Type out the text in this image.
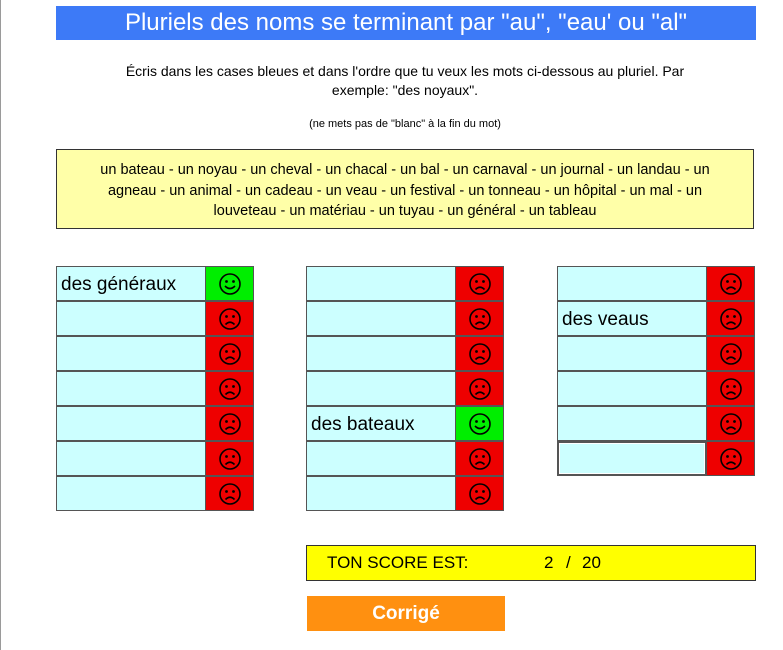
Pluriels des noms se terminant par "au", "eau' ou "al"
Écris dans les cases bleues et dans l'ordre que tu veux les mots ci-dessous au pluriel. Par
exemple: "des noyaux".
(ne mets pas de "blanc" à la fin du mot)
un bateau - un noyau - un cheval - un chacal - un bal - un carnaval - un journal - un landau - un
agneau - un animal - un cadeau - un veau - un festival - un tonneau - un hôpital - un mal - un
louveteau - un matériau - un tuyau - un général - un tableau
des généraux
des bateaux
des veaus
TON SCORE EST:	2 / 20
Corrigé
